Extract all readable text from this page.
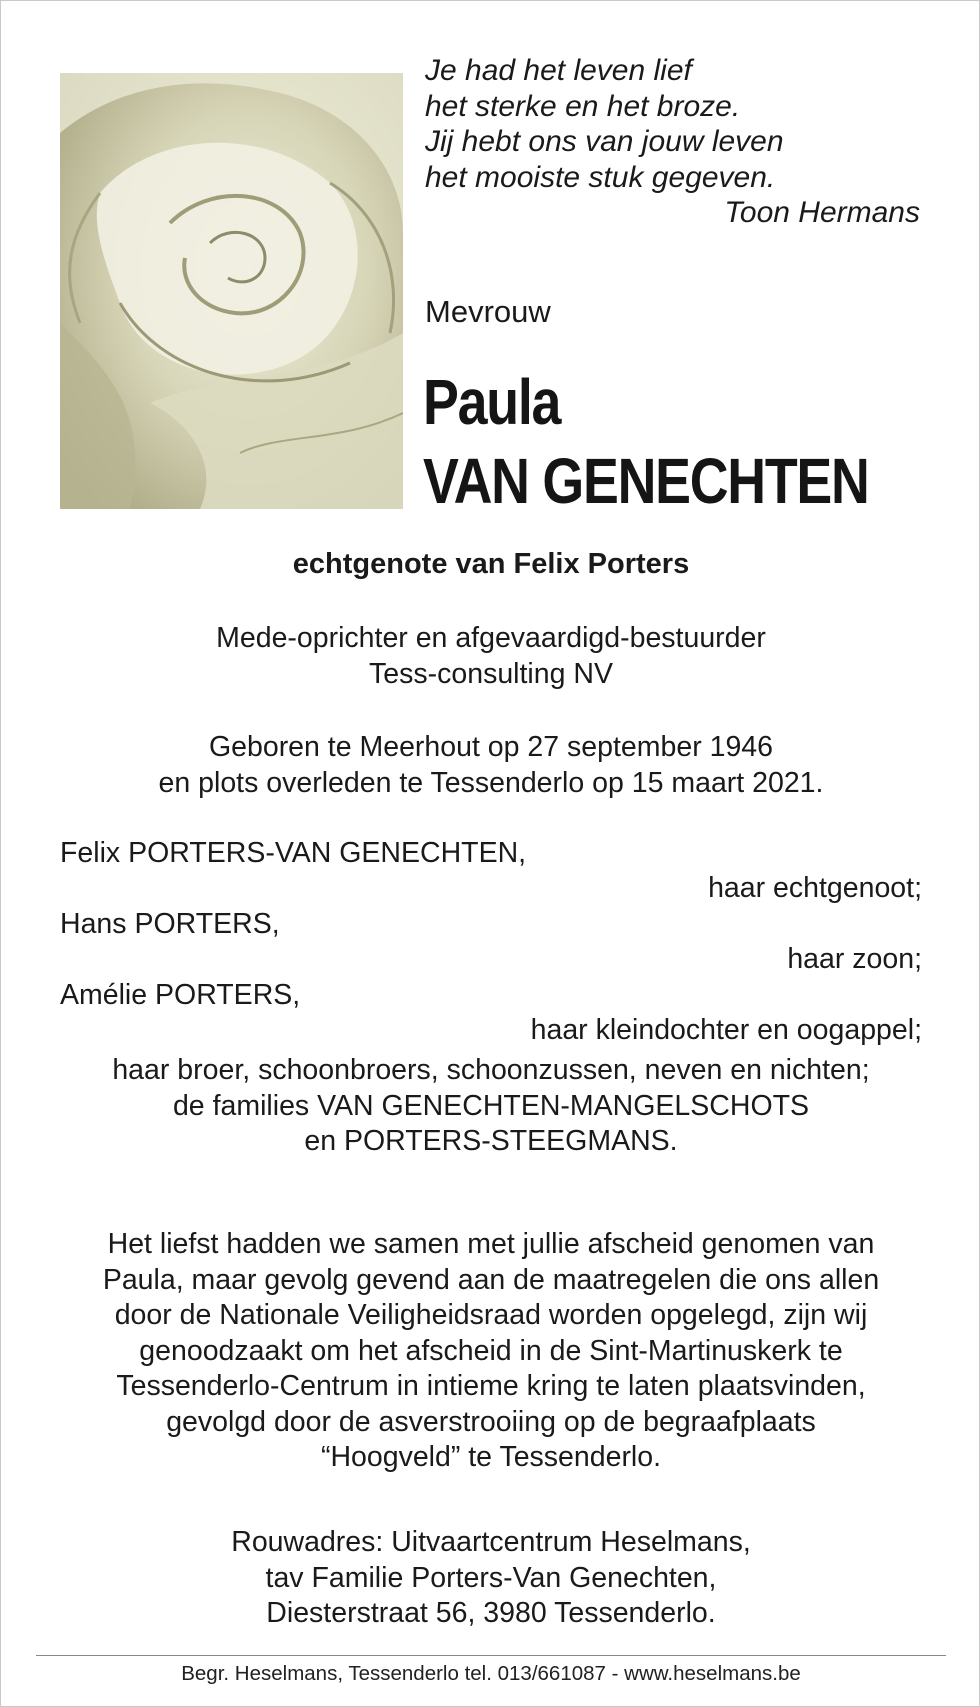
Je had het leven lief
het sterke en het broze.
Jij hebt ons van jouw leven
het mooiste stuk gegeven.
Toon Hermans
Mevrouw
Paula
VAN GENECHTEN
echtgenote van Felix Porters
Mede-oprichter en afgevaardigd-bestuurder
Tess-consulting NV
Geboren te Meerhout op 27 september 1946
en plots overleden te Tessenderlo op 15 maart 2021.
Felix PORTERS-VAN GENECHTEN,
haar echtgenoot;
Hans PORTERS,
haar zoon;
Amélie PORTERS,
haar kleindochter en oogappel;
haar broer, schoonbroers, schoonzussen, neven en nichten;
de families VAN GENECHTEN-MANGELSCHOTS
en PORTERS-STEEGMANS.
Het liefst hadden we samen met jullie afscheid genomen van
Paula, maar gevolg gevend aan de maatregelen die ons allen
door de Nationale Veiligheidsraad worden opgelegd, zijn wij
genoodzaakt om het afscheid in de Sint-Martinuskerk te
Tessenderlo-Centrum in intieme kring te laten plaatsvinden,
gevolgd door de asverstrooiing op de begraafplaats
“Hoogveld” te Tessenderlo.
Rouwadres: Uitvaartcentrum Heselmans,
tav Familie Porters-Van Genechten,
Diesterstraat 56, 3980 Tessenderlo.
Begr. Heselmans, Tessenderlo tel. 013/661087 - www.heselmans.be
